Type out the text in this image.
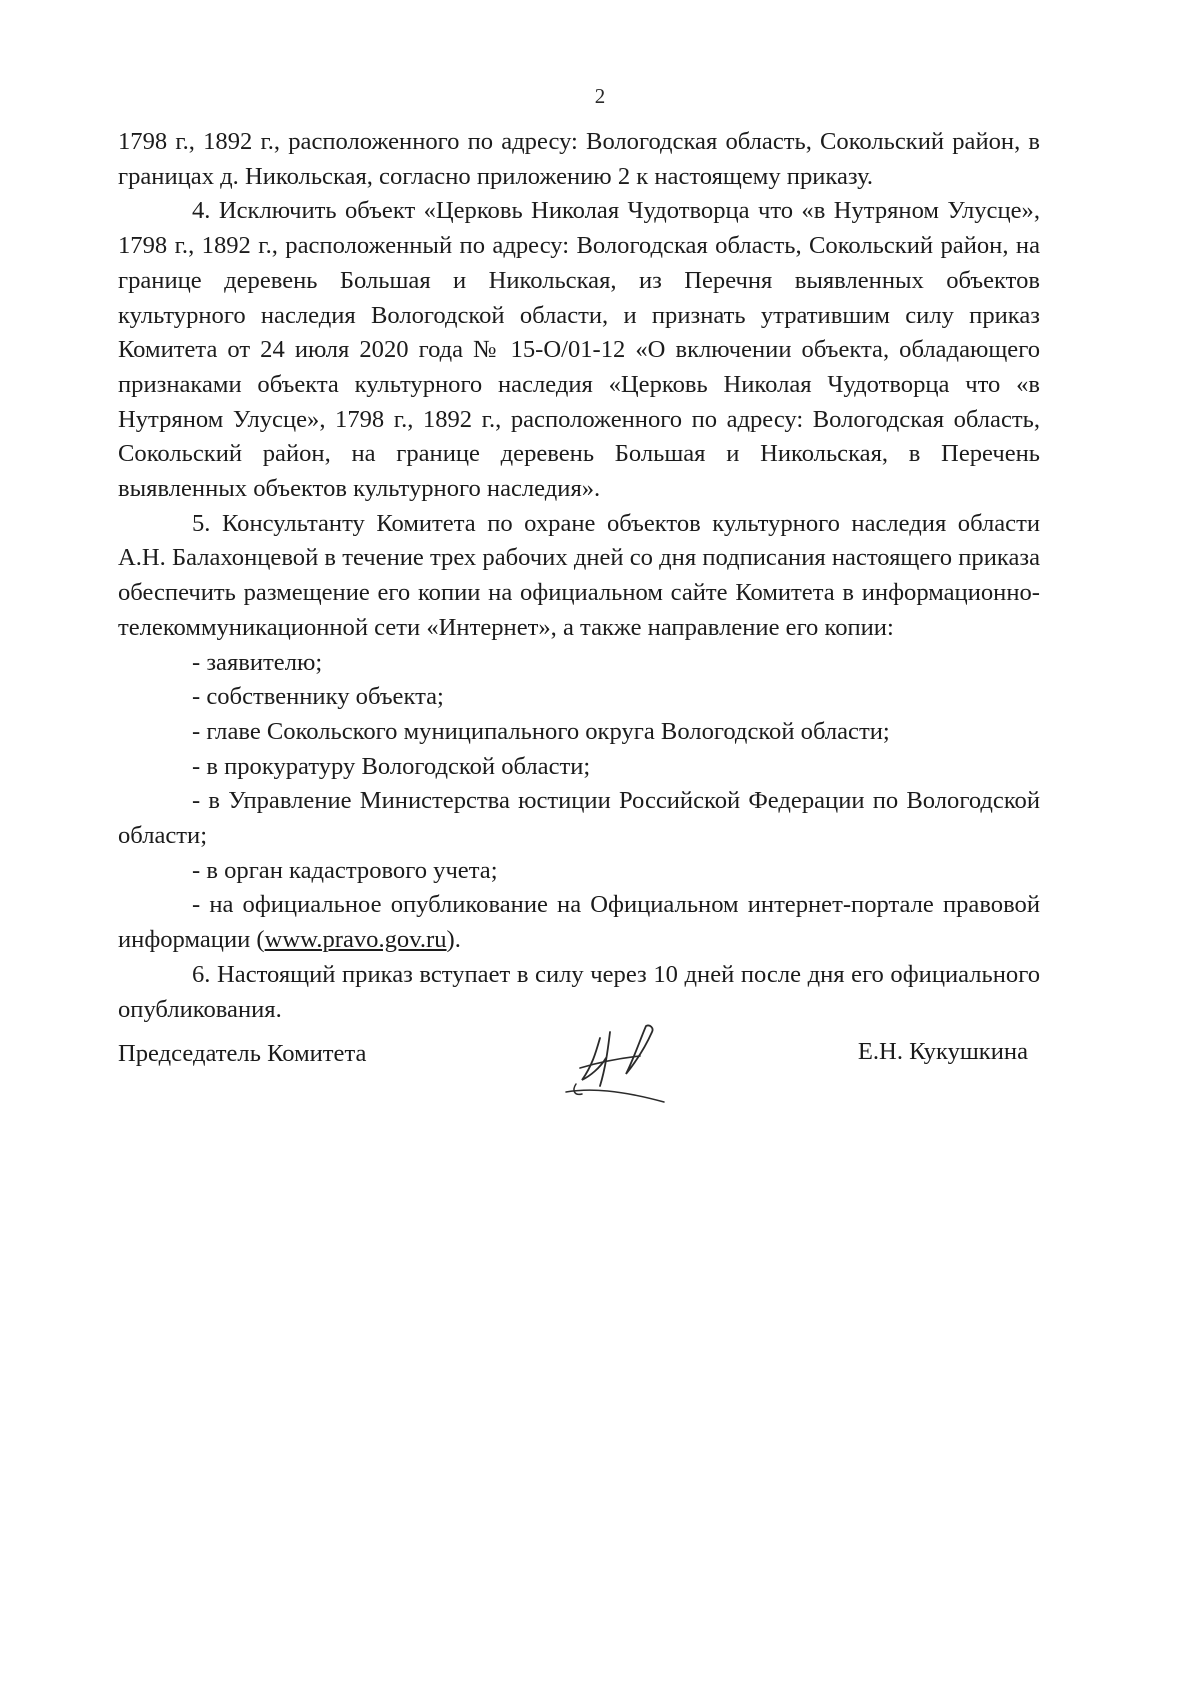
2

1798 г., 1892 г., расположенного по адресу: Вологодская область, Сокольский район, в границах д. Никольская, согласно приложению 2 к настоящему приказу.

4. Исключить объект «Церковь Николая Чудотворца что «в Нутряном Улусце», 1798 г., 1892 г., расположенный по адресу: Вологодская область, Сокольский район, на границе деревень Большая и Никольская, из Перечня выявленных объектов культурного наследия Вологодской области, и признать утратившим силу приказ Комитета от 24 июля 2020 года № 15-О/01-12 «О включении объекта, обладающего признаками объекта культурного наследия «Церковь Николая Чудотворца что «в Нутряном Улусце», 1798 г., 1892 г., расположенного по адресу: Вологодская область, Сокольский район, на границе деревень Большая и Никольская, в Перечень выявленных объектов культурного наследия».

5. Консультанту Комитета по охране объектов культурного наследия области А.Н. Балахонцевой в течение трех рабочих дней со дня подписания настоящего приказа обеспечить размещение его копии на официальном сайте Комитета в информационно-телекоммуникационной сети «Интернет», а также направление его копии:

- заявителю;

- собственнику объекта;

- главе Сокольского муниципального округа Вологодской области;

- в прокуратуру Вологодской области;

- в Управление Министерства юстиции Российской Федерации по Вологодской области;

- в орган кадастрового учета;

- на официальное опубликование на Официальном интернет-портале правовой информации (www.pravo.gov.ru).

6. Настоящий приказ вступает в силу через 10 дней после дня его официального опубликования.

Председатель Комитета	Е.Н. Кукушкина
